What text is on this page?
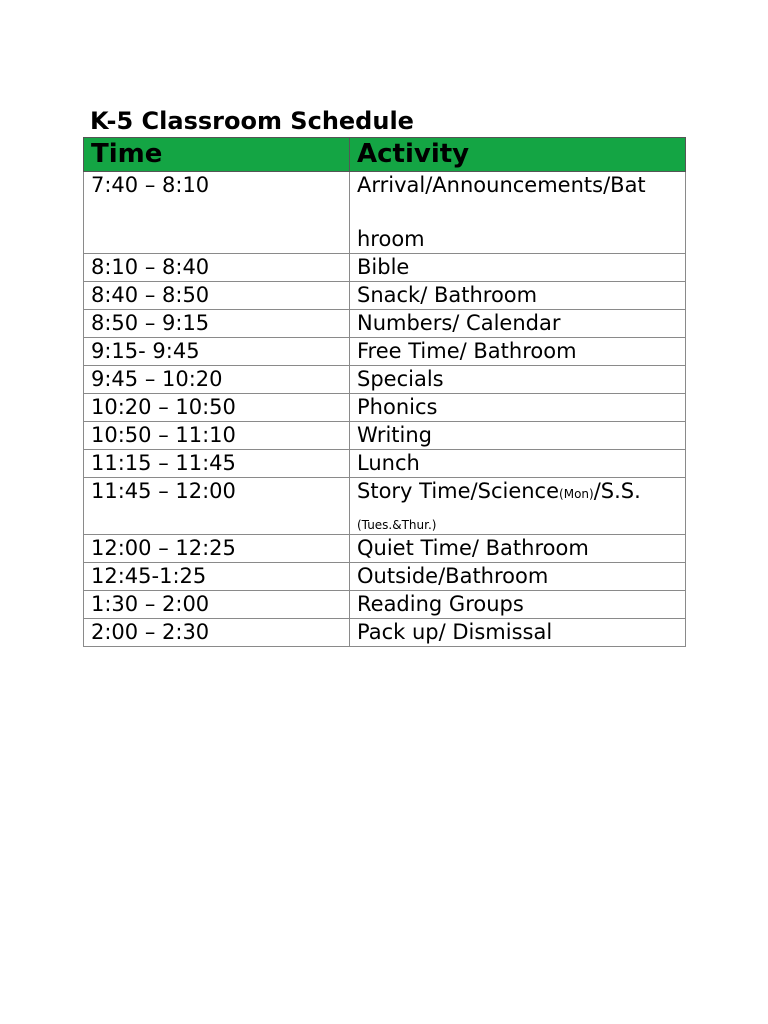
K-5 Classroom Schedule
Time	Activity
7:40 – 8:10	Arrival/Announcements/Bat
hroom

8:10 – 8:40	Bible
8:40 – 8:50	Snack/ Bathroom
8:50 – 9:15	Numbers/ Calendar
9:15- 9:45	Free Time/ Bathroom
9:45 – 10:20	Specials
10:20 – 10:50	Phonics
10:50 – 11:10	Writing
11:15 – 11:45	Lunch
11:45 – 12:00	Story Time/Science(Mon)/S.S.
(Tues.&Thur.)

12:00 – 12:25	Quiet Time/ Bathroom
12:45-1:25	Outside/Bathroom
1:30 – 2:00	Reading Groups
2:00 – 2:30	Pack up/ Dismissal
